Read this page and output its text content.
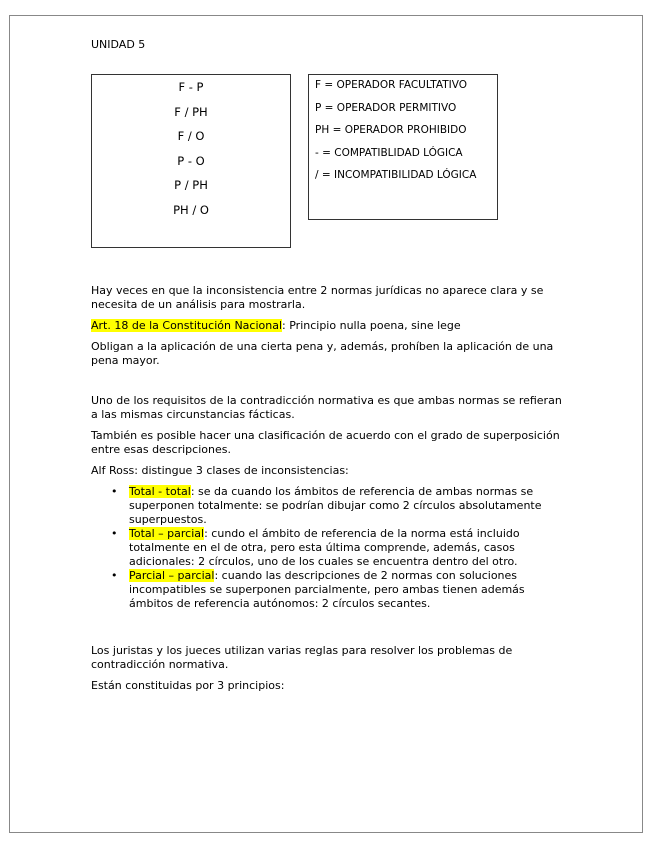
UNIDAD 5
F - P
F / PH
F / O
P - O
P / PH
PH / O
F = OPERADOR FACULTATIVO
P = OPERADOR PERMITIVO
PH = OPERADOR PROHIBIDO
- = COMPATIBLIDAD LÓGICA
/ = INCOMPATIBILIDAD LÓGICA

Hay veces en que la inconsistencia entre 2 normas jurídicas no aparece clara y se necesita de un análisis para mostrarla.

Art. 18 de la Constitución Nacional: Principio nulla poena, sine lege

Obligan a la aplicación de una cierta pena y, además, prohíben la aplicación de una pena mayor.

Uno de los requisitos de la contradicción normativa es que ambas normas se refieran a las mismas circunstancias fácticas.

También es posible hacer una clasificación de acuerdo con el grado de superposición entre esas descripciones.

Alf Ross: distingue 3 clases de inconsistencias:

• Total - total: se da cuando los ámbitos de referencia de ambas normas se superponen totalmente: se podrían dibujar como 2 círculos absolutamente superpuestos.
• Total – parcial: cundo el ámbito de referencia de la norma está incluido totalmente en el de otra, pero esta última comprende, además, casos adicionales: 2 círculos, uno de los cuales se encuentra dentro del otro.
• Parcial – parcial: cuando las descripciones de 2 normas con soluciones incompatibles se superponen parcialmente, pero ambas tienen además ámbitos de referencia autónomos: 2 círculos secantes.

Los juristas y los jueces utilizan varias reglas para resolver los problemas de contradicción normativa.

Están constituidas por 3 principios:
